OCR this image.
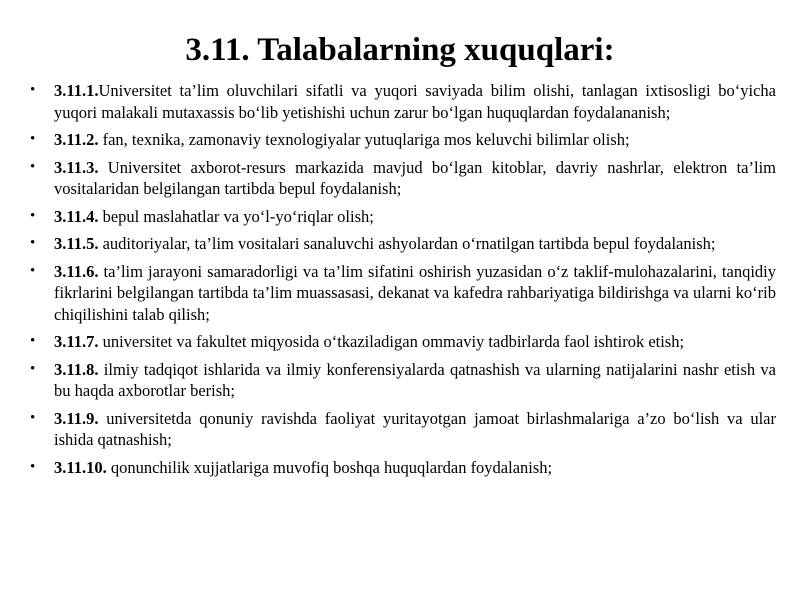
3.11. Talabalarning xuquqlari:
• 3.11.1.Universitet ta’lim oluvchilari sifatli va yuqori saviyada bilim olishi, tanlagan ixtisosligi bo‘yicha yuqori malakali mutaxassis bo‘lib yetishishi uchun zarur bo‘lgan huquqlardan foydalananish;
• 3.11.2. fan, texnika, zamonaviy texnologiyalar yutuqlariga mos keluvchi bilimlar olish;
• 3.11.3. Universitet axborot-resurs markazida mavjud bo‘lgan kitoblar, davriy nashrlar, elektron ta’lim vositalaridan belgilangan tartibda bepul foydalanish;
• 3.11.4. bepul maslahatlar va yo‘l-yo‘riqlar olish;
• 3.11.5. auditoriyalar, ta’lim vositalari sanaluvchi ashyolardan o‘rnatilgan tartibda bepul foydalanish;
• 3.11.6. ta’lim jarayoni samaradorligi va ta’lim sifatini oshirish yuzasidan o‘z taklif-mulohazalarini, tanqidiy fikrlarini belgilangan tartibda ta’lim muassasasi, dekanat va kafedra rahbariyatiga bildirishga va ularni ko‘rib chiqilishini talab qilish;
• 3.11.7. universitet va fakultet miqyosida o‘tkaziladigan ommaviy tadbirlarda faol ishtirok etish;
• 3.11.8. ilmiy tadqiqot ishlarida va ilmiy konferensiyalarda qatnashish va ularning natijalarini nashr etish va bu haqda axborotlar berish;
• 3.11.9. universitetda qonuniy ravishda faoliyat yuritayotgan jamoat birlashmalariga a’zo bo‘lish va ular ishida qatnashish;
• 3.11.10. qonunchilik xujjatlariga muvofiq boshqa huquqlardan foydalanish;
